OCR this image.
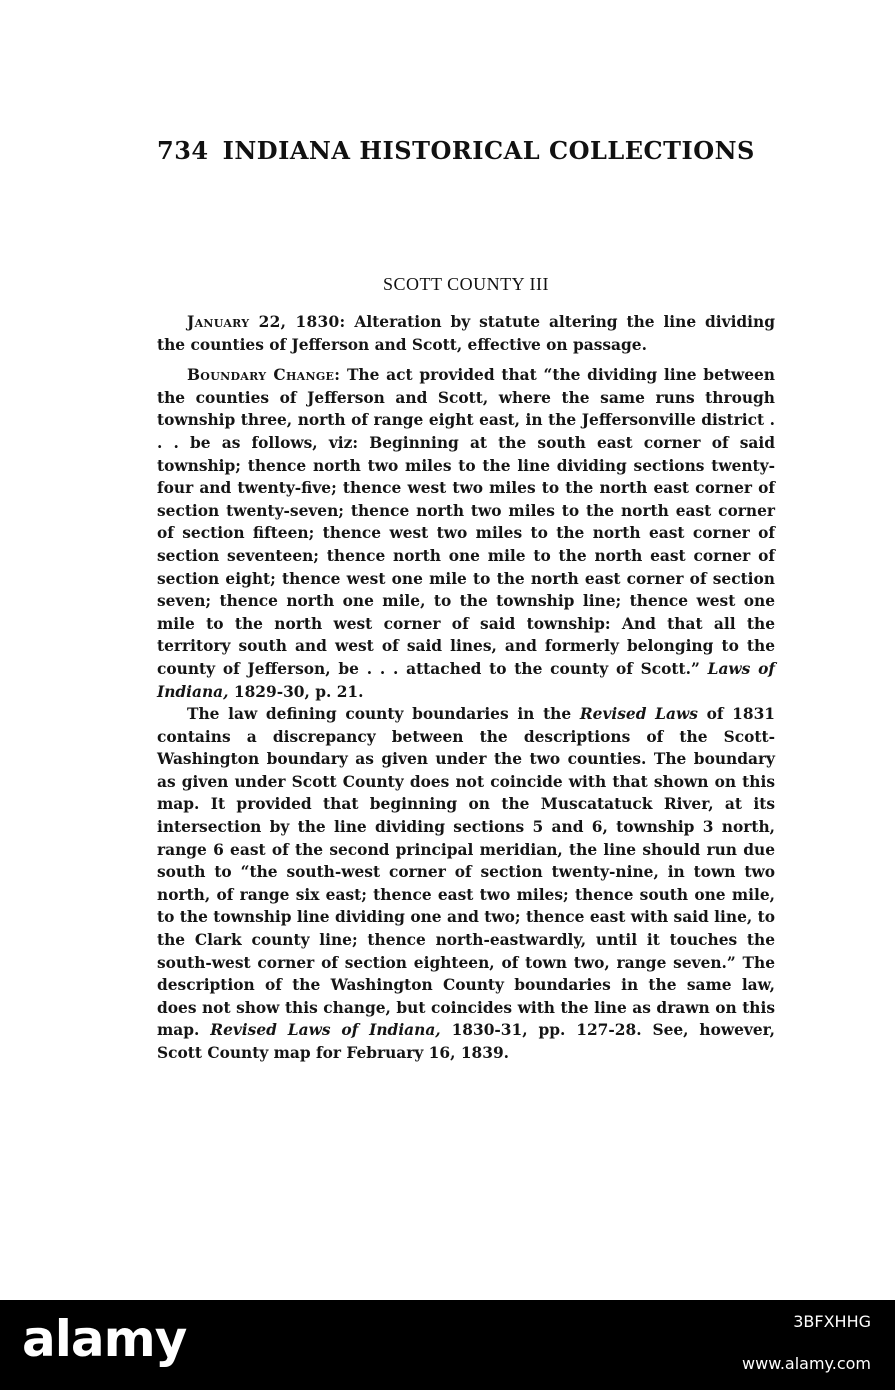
734 INDIANA HISTORICAL COLLECTIONS
SCOTT COUNTY III

January 22, 1830: Alteration by statute altering the line dividing the counties of Jefferson and Scott, effective on passage.

Boundary Change: The act provided that “the dividing line between the counties of Jefferson and Scott, where the same runs through township three, north of range eight east, in the Jeffersonville district . . . be as follows, viz: Beginning at the south east corner of said township; thence north two miles to the line dividing sections twenty-four and twenty-five; thence west two miles to the north east corner of section twenty-seven; thence north two miles to the north east corner of section fifteen; thence west two miles to the north east corner of section seventeen; thence north one mile to the north east corner of section eight; thence west one mile to the north east corner of section seven; thence north one mile, to the township line; thence west one mile to the north west corner of said township: And that all the territory south and west of said lines, and formerly belonging to the county of Jefferson, be . . . attached to the county of Scott.” Laws of Indiana, 1829-30, p. 21.

The law defining county boundaries in the Revised Laws of 1831 contains a discrepancy between the descriptions of the Scott-Washington boundary as given under the two counties. The boundary as given under Scott County does not coincide with that shown on this map. It provided that beginning on the Muscatatuck River, at its intersection by the line dividing sections 5 and 6, township 3 north, range 6 east of the second principal meridian, the line should run due south to “the south-west corner of section twenty-nine, in town two north, of range six east; thence east two miles; thence south one mile, to the township line dividing one and two; thence east with said line, to the Clark county line; thence north-eastwardly, until it touches the south-west corner of section eighteen, of town two, range seven.” The description of the Washington County boundaries in the same law, does not show this change, but coincides with the line as drawn on this map. Revised Laws of Indiana, 1830-31, pp. 127-28. See, however, Scott County map for February 16, 1839.

alamy	3BFXHHG
www.alamy.com
